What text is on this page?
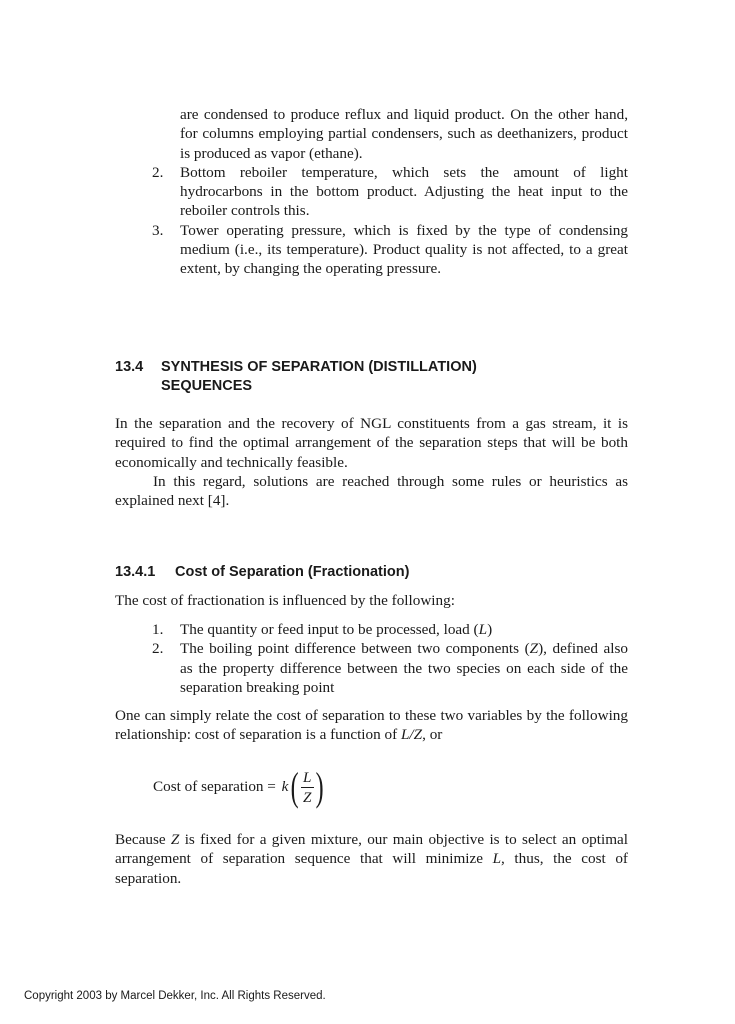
are condensed to produce reflux and liquid product. On the other hand, for columns employing partial condensers, such as deethanizers, product is produced as vapor (ethane).

2. Bottom reboiler temperature, which sets the amount of light hydrocarbons in the bottom product. Adjusting the heat input to the reboiler controls this.

3. Tower operating pressure, which is fixed by the type of condensing medium (i.e., its temperature). Product quality is not affected, to a great extent, by changing the operating pressure.

13.4 SYNTHESIS OF SEPARATION (DISTILLATION)
SEQUENCES

In the separation and the recovery of NGL constituents from a gas stream, it is required to find the optimal arrangement of the separation steps that will be both economically and technically feasible.

In this regard, solutions are reached through some rules or heuristics as explained next [4].

13.4.1 Cost of Separation (Fractionation)

The cost of fractionation is influenced by the following:

1. The quantity or feed input to be processed, load (L)

2. The boiling point difference between two components (Z), defined also as the property difference between the two species on each side of the separation breaking point

One can simply relate the cost of separation to these two variables by the following relationship: cost of separation is a function of L/Z, or

Cost of separation = k ( $\frac{L}{Z}$ )

Because Z is fixed for a given mixture, our main objective is to select an optimal arrangement of separation sequence that will minimize L, thus, the cost of separation.

Copyright 2003 by Marcel Dekker, Inc. All Rights Reserved.
